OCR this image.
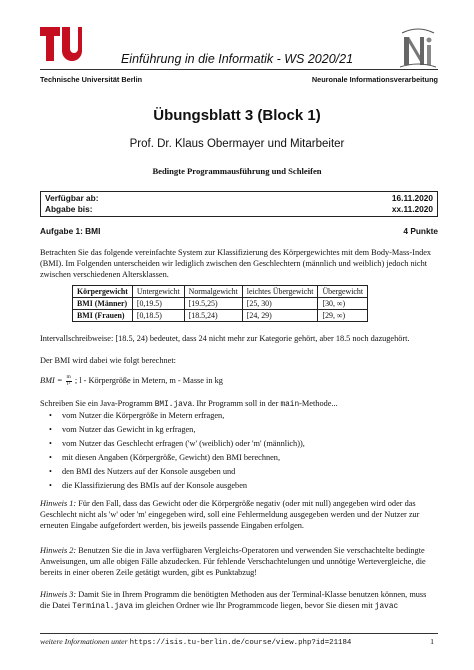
berlin
Einführung in die Informatik - WS 2020/21
Technische Universität Berlin	Neuronale Informationsverarbeitung
Übungsblatt 3 (Block 1)
Prof. Dr. Klaus Obermayer und Mitarbeiter
Bedingte Programmausführung und Schleifen
Verfügbar ab:	16.11.2020
Abgabe bis:	xx.11.2020
Aufgabe 1: BMI	4 Punkte
Betrachten Sie das folgende vereinfachte System zur Klassifizierung des Körpergewichtes mit dem Body-Mass-Index (BMI). Im Folgenden unterscheiden wir lediglich zwischen den Geschlechtern (männlich und weiblich) jedoch nicht zwischen verschiedenen Altersklassen.
Körpergewicht	Untergewicht	Normalgewicht	leichtes Übergewicht	Übergewicht
BMI (Männer)	[0,19.5)	[19.5,25)	[25, 30)	[30, ∞)
BMI (Frauen)	[0,18.5)	[18.5,24)	[24, 29)	[29, ∞)
Intervallschreibweise: [18.5, 24) bedeutet, dass 24 nicht mehr zur Kategorie gehört, aber 18.5 noch dazugehört.
Der BMI wird dabei wie folgt berechnet:
BMI = $\frac{m}{\text{l²}}$ ; l - Körpergröße in Metern, m - Masse in kg
Schreiben Sie ein Java-Programm BMI.java. Ihr Programm soll in der main-Methode...
• vom Nutzer die Körpergröße in Metern erfragen,
• vom Nutzer das Gewicht in kg erfragen,
• vom Nutzer das Geschlecht erfragen ('w' (weiblich) oder 'm' (männlich)),
• mit diesen Angaben (Körpergröße, Gewicht) den BMI berechnen,
• den BMI des Nutzers auf der Konsole ausgeben und
• die Klassifizierung des BMIs auf der Konsole ausgeben
Hinweis 1: Für den Fall, dass das Gewicht oder die Körpergröße negativ (oder mit null) angegeben wird oder das Geschlecht nicht als 'w' oder 'm' eingegeben wird, soll eine Fehlermeldung ausgegeben werden und der Nutzer zur erneuten Eingabe aufgefordert werden, bis jeweils passende Eingaben erfolgen.
Hinweis 2: Benutzen Sie die in Java verfügbaren Vergleichs-Operatoren und verwenden Sie verschachtelte bedingte Anweisungen, um alle obigen Fälle abzudecken. Für fehlende Verschachtelungen und unnötige Wertevergleiche, die bereits in einer oberen Zeile getätigt wurden, gibt es Punktabzug!
Hinweis 3: Damit Sie in Ihrem Programm die benötigten Methoden aus der Terminal-Klasse benutzen können, muss die Datei Terminal.java im gleichen Ordner wie Ihr Programmcode liegen, bevor Sie diesen mit javac
weitere Informationen unter https://isis.tu-berlin.de/course/view.php?id=21184	1
